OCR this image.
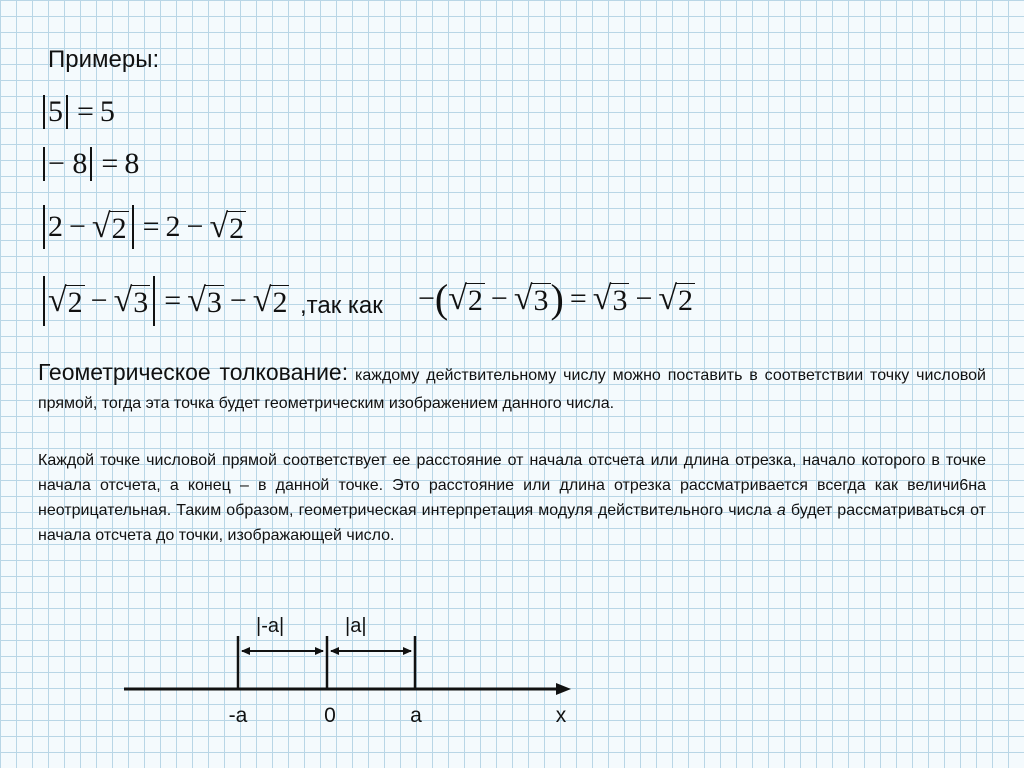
Примеры:
5 = 5
− 8 = 8
2 − √ 2 = 2 − √ 2
√ 2 − √ 3 = √ 3 − √ 2 ,так как − ( √ 2 − √ 3 ) = √ 3 − √ 2
Геометрическое толкование: каждому действительному числу можно поставить в соответствии точку числовой прямой, тогда эта точка будет геометрическим изображением данного числа.
Каждой точке числовой прямой соответствует ее расстояние от начала отсчета или длина отрезка, начало которого в точке начала отсчета, а конец – в данной точке. Это расстояние или длина отрезка рассматривается всегда как величи6на неотрицательная. Таким образом, геометрическая интерпретация модуля действительного числа а будет рассматриваться от начала отсчета до точки, изображающей число.
|-а|	|а|
-а	0	а	x
